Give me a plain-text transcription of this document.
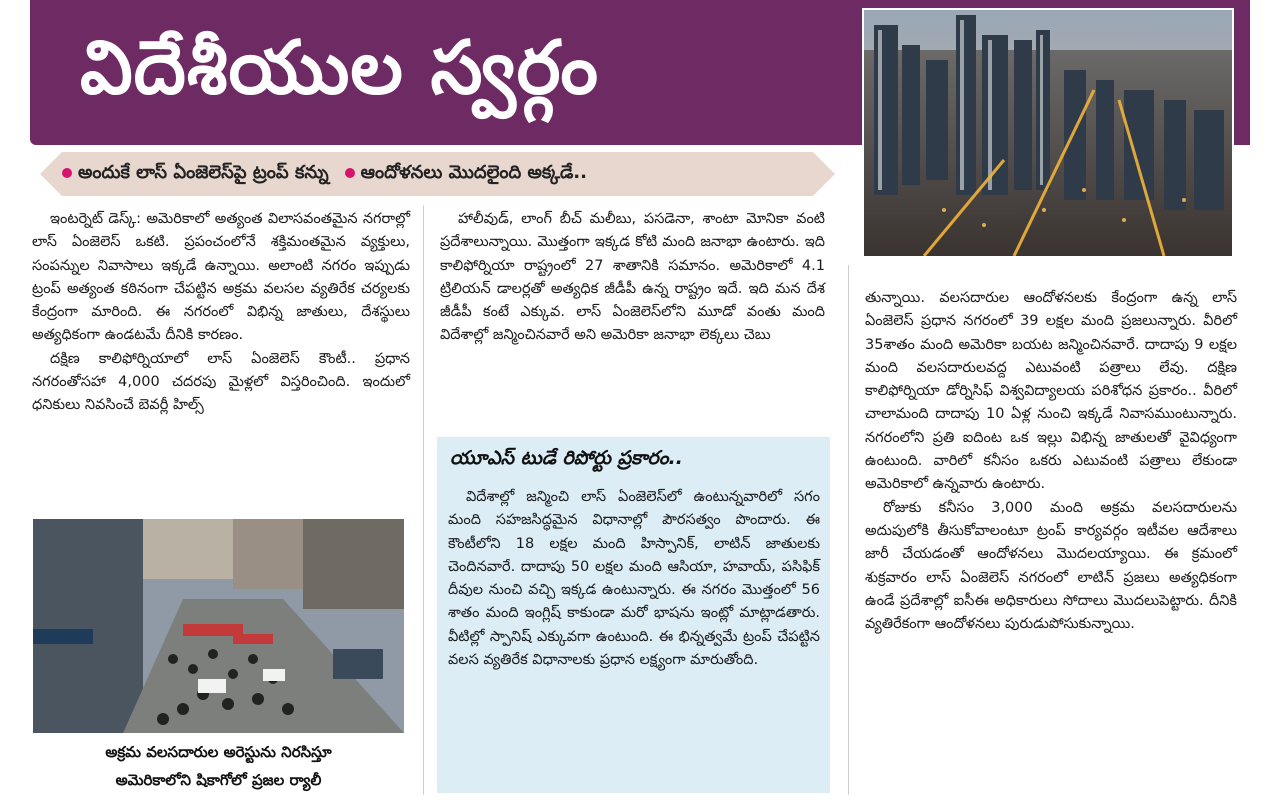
విదేశీయుల స్వర్గం
అందుకే లాస్‌ ఏంజెలెస్‌పై ట్రంప్‌ కన్ను	ఆందోళనలు మొదలైంది అక్కడే..

ఇంటర్నెట్‌ డెస్క్‌: అమెరికాలో అత్యంత విలాసవంతమైన నగరాల్లో లాస్‌ ఏంజెలెస్‌ ఒకటి. ప్రపంచంలోనే శక్తిమంతమైన వ్యక్తులు, సంపన్నుల నివాసాలు ఇక్కడే ఉన్నాయి. అలాంటి నగరం ఇప్పుడు ట్రంప్‌ అత్యంత కఠినంగా చేపట్టిన అక్రమ వలసల వ్యతిరేక చర్యలకు కేంద్రంగా మారింది. ఈ నగరంలో విభిన్న జాతులు, దేశస్థులు అత్యధికంగా ఉండటమే దీనికి కారణం.

దక్షిణ కాలిఫోర్నియాలో లాస్‌ ఏంజెలెస్‌ కౌంటీ.. ప్రధాన నగరంతోసహా 4,000 చదరపు మైళ్లలో విస్తరించింది. ఇందులో ధనికులు నివసించే బెవర్లీ హిల్స్‌

అక్రమ వలసదారుల అరెస్టును నిరసిస్తూ
అమెరికాలోని షికాగోలో ప్రజల ర్యాలీ

హాలీవుడ్‌, లాంగ్‌ బీచ్‌ మలీబు, పసడెనా, శాంటా మోనికా వంటి ప్రదేశాలున్నాయి. మొత్తంగా ఇక్కడ కోటి మంది జనాభా ఉంటారు. ఇది కాలిఫోర్నియా రాష్ట్రంలో 27 శాతానికి సమానం. అమెరికాలో 4.1 ట్రిలియన్‌ డాలర్లతో అత్యధిక జీడీపీ ఉన్న రాష్ట్రం ఇదే. ఇది మన దేశ జీడీపీ కంటే ఎక్కువ. లాస్‌ ఏంజెలెస్‌లోని మూడో వంతు మంది విదేశాల్లో జన్మించినవారే అని అమెరికా జనాభా లెక్కలు చెబు

యూఎస్‌ టుడే రిపోర్టు ప్రకారం..

విదేశాల్లో జన్మించి లాస్‌ ఏంజెలెస్‌లో ఉంటున్నవారిలో సగం మంది సహజసిద్ధమైన విధానాల్లో పౌరసత్వం పొందారు. ఈ కౌంటీలోని 18 లక్షల మంది హిస్పానిక్‌, లాటిన్‌ జాతులకు చెందినవారే. దాదాపు 50 లక్షల మంది ఆసియా, హవాయ్‌, పసిఫిక్‌ దీవుల నుంచి వచ్చి ఇక్కడ ఉంటున్నారు. ఈ నగరం మొత్తంలో 56 శాతం మంది ఇంగ్లిష్‌ కాకుండా మరో భాషను ఇంట్లో మాట్లాడతారు. వీటిల్లో స్పానిష్‌ ఎక్కువగా ఉంటుంది. ఈ భిన్నత్వమే ట్రంప్‌ చేపట్టిన వలస వ్యతిరేక విధానాలకు ప్రధాన లక్ష్యంగా మారుతోంది.

తున్నాయి. వలసదారుల ఆందోళనలకు కేంద్రంగా ఉన్న లాస్‌ ఏంజెలెస్‌ ప్రధాన నగరంలో 39 లక్షల మంది ప్రజలున్నారు. వీరిలో 35శాతం మంది అమెరికా బయట జన్మించినవారే. దాదాపు 9 లక్షల మంది వలసదారులవద్ద ఎటువంటి పత్రాలు లేవు. దక్షిణ కాలిఫోర్నియా డోర్నిసిఫ్‌ విశ్వవిద్యాలయ పరిశోధన ప్రకారం.. వీరిలో చాలామంది దాదాపు 10 ఏళ్ల నుంచి ఇక్కడే నివాసముంటున్నారు. నగరంలోని ప్రతి ఐదింట ఒక ఇల్లు విభిన్న జాతులతో వైవిధ్యంగా ఉంటుంది. వారిలో కనీసం ఒకరు ఎటువంటి పత్రాలు లేకుండా అమెరికాలో ఉన్నవారు ఉంటారు.

రోజుకు కనీసం 3,000 మంది అక్రమ వలసదారులను అదుపులోకి తీసుకోవాలంటూ ట్రంప్‌ కార్యవర్గం ఇటీవల ఆదేశాలు జారీ చేయడంతో ఆందోళనలు మొదలయ్యాయి. ఈ క్రమంలో శుక్రవారం లాస్‌ ఏంజెలెస్‌ నగరంలో లాటిన్‌ ప్రజలు అత్యధికంగా ఉండే ప్రదేశాల్లో ఐసీఈ అధికారులు సోదాలు మొదలుపెట్టారు. దీనికి వ్యతిరేకంగా ఆందోళనలు పురుడుపోసుకున్నాయి.
